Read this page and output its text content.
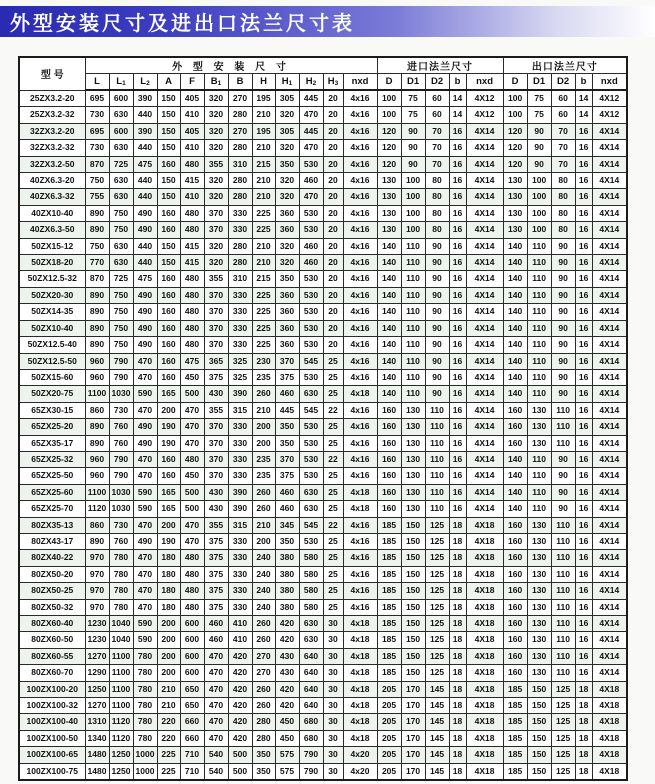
外型安装尺寸及进出口法兰尺寸表
型 号	外 型 安 装 尺 寸												进口法兰尺寸					出口法兰尺寸				
	L	$L_1$	$L_2$	A	F	$B_1$	B	H	$H_1$	$H_2$	$H_3$	nxd	D	D1	D2	b	nxd	D	D1	D2	b	nxd
25ZX3.2-20	695	600	390	150	405	320	270	195	305	445	20	4x16	100	75	60	14	4X12	100	75	60	14	4X12
25ZX3.2-32	730	630	440	150	410	320	280	210	320	470	20	4x16	100	75	60	14	4X12	100	75	60	14	4X12
32ZX3.2-20	695	600	390	150	405	320	270	195	305	445	20	4x16	120	90	70	16	4X14	120	90	70	16	4X14
32ZX3.2-32	730	630	440	150	410	320	280	210	320	470	20	4x16	120	90	70	16	4X14	120	90	70	16	4X14
32ZX3.2-50	870	725	475	160	480	355	310	215	350	530	20	4x16	120	90	70	16	4X14	120	90	70	16	4X14
40ZX6.3-20	750	630	440	150	415	320	280	210	320	460	20	4x16	130	100	80	16	4X14	130	100	80	16	4X14
40ZX6.3-32	755	630	440	150	410	320	280	210	320	470	20	4x16	130	100	80	16	4X14	130	100	80	16	4X14
40ZX10-40	890	750	490	160	480	370	330	225	360	530	20	4x16	130	100	80	16	4X14	130	100	80	16	4X14
40ZX6.3-50	890	750	490	160	480	370	330	225	360	530	20	4x16	130	100	80	16	4X14	130	100	80	16	4X14
50ZX15-12	750	630	440	150	415	320	280	210	320	460	20	4x16	140	110	90	16	4X14	140	110	90	16	4X14
50ZX18-20	770	630	440	150	415	320	280	210	320	460	20	4x16	140	110	90	16	4X14	140	110	90	16	4X14
50ZX12.5-32	870	725	475	160	480	355	310	215	350	530	20	4x16	140	110	90	16	4X14	140	110	90	16	4X14
50ZX20-30	890	750	490	160	480	370	330	225	360	530	20	4x16	140	110	90	16	4X14	140	110	90	16	4X14
50ZX14-35	890	750	490	160	480	370	330	225	360	530	20	4x16	140	110	90	16	4X14	140	110	90	16	4X14
50ZX10-40	890	750	490	160	480	370	330	225	360	530	20	4x16	140	110	90	16	4X14	140	110	90	16	4X14
50ZX12.5-40	890	750	490	160	480	370	330	225	360	530	20	4x16	140	110	90	16	4X14	140	110	90	16	4X14
50ZX12.5-50	960	790	470	160	475	365	325	230	370	545	25	4x16	140	110	90	16	4X14	140	110	90	16	4X14
50ZX15-60	960	790	470	160	450	375	325	235	375	530	25	4x16	140	110	90	16	4X14	140	110	90	16	4X14
50ZX20-75	1100	1030	590	165	500	430	390	260	460	630	25	4x18	140	110	90	16	4X14	140	110	90	16	4X14
65ZX30-15	860	730	470	200	470	355	315	210	445	545	22	4x16	160	130	110	16	4X14	160	130	110	16	4X14
65ZX25-20	890	760	490	190	470	370	330	200	350	530	25	4x16	160	130	110	16	4X14	160	130	110	16	4X14
65ZX35-17	890	760	490	190	470	370	330	200	350	530	25	4x16	160	130	110	16	4X14	160	130	110	16	4X14
65ZX25-32	960	790	470	160	480	370	330	235	370	530	22	4x16	160	130	110	16	4X14	140	110	90	16	4X14
65ZX25-50	960	790	470	160	450	370	330	235	375	530	25	4x16	160	130	110	16	4X14	140	110	90	16	4X14
65ZX25-60	1100	1030	590	165	500	430	390	260	460	630	25	4x18	160	130	110	16	4X14	140	110	90	16	4X14
65ZX25-70	1120	1030	590	165	500	430	390	260	460	630	25	4x18	160	130	110	16	4X14	140	110	90	16	4X14
80ZX35-13	860	730	470	200	470	355	315	210	345	545	22	4x16	185	150	125	18	4X18	160	130	110	16	4X14
80ZX43-17	890	760	490	190	470	375	330	200	350	530	25	4x16	185	150	125	18	4X18	160	130	110	16	4X14
80ZX40-22	970	780	470	180	480	375	330	240	380	580	25	4x16	185	150	125	18	4X18	160	130	110	16	4X14
80ZX50-20	970	780	470	180	480	375	330	240	380	580	25	4x16	185	150	125	18	4X18	160	130	110	16	4X14
80ZX50-25	970	780	470	180	480	375	330	240	380	580	25	4x16	185	150	125	18	4X18	160	130	110	16	4X14
80ZX50-32	970	780	470	180	480	375	330	240	380	580	25	4x16	185	150	125	18	4X18	160	130	110	16	4X14
80ZX60-40	1230	1040	590	200	600	460	410	260	420	630	30	4x18	185	150	125	18	4X18	160	130	110	16	4X14
80ZX60-50	1230	1040	590	200	600	460	410	260	420	630	30	4x18	185	150	125	18	4X18	160	130	110	16	4X14
80ZX60-55	1270	1100	780	200	600	470	420	270	430	640	30	4x18	185	150	125	18	4X18	160	130	110	16	4X14
80ZX60-70	1290	1100	780	200	600	470	420	270	430	640	30	4x18	185	150	125	18	4X18	160	130	110	16	4X14
100ZX100-20	1250	1100	780	210	650	470	420	260	420	640	30	4x18	205	170	145	18	4X18	185	150	125	18	4X18
100ZX100-32	1270	1100	780	210	650	470	420	260	420	640	30	4x18	205	170	145	18	4X18	185	150	125	18	4X18
100ZX100-40	1310	1120	780	220	660	470	420	280	450	680	30	4x18	205	170	145	18	4X18	185	150	125	18	4X18
100ZX100-50	1340	1120	780	220	660	470	420	280	450	680	30	4x18	205	170	145	18	4X18	185	150	125	18	4X18
100ZX100-65	1480	1250	1000	225	710	540	500	350	575	790	30	4x20	205	170	145	18	4X18	185	150	125	18	4X18
100ZX100-75	1480	1250	1000	225	710	540	500	350	575	790	30	4x20	205	170	145	18	4X18	185	150	125	18	4X18
